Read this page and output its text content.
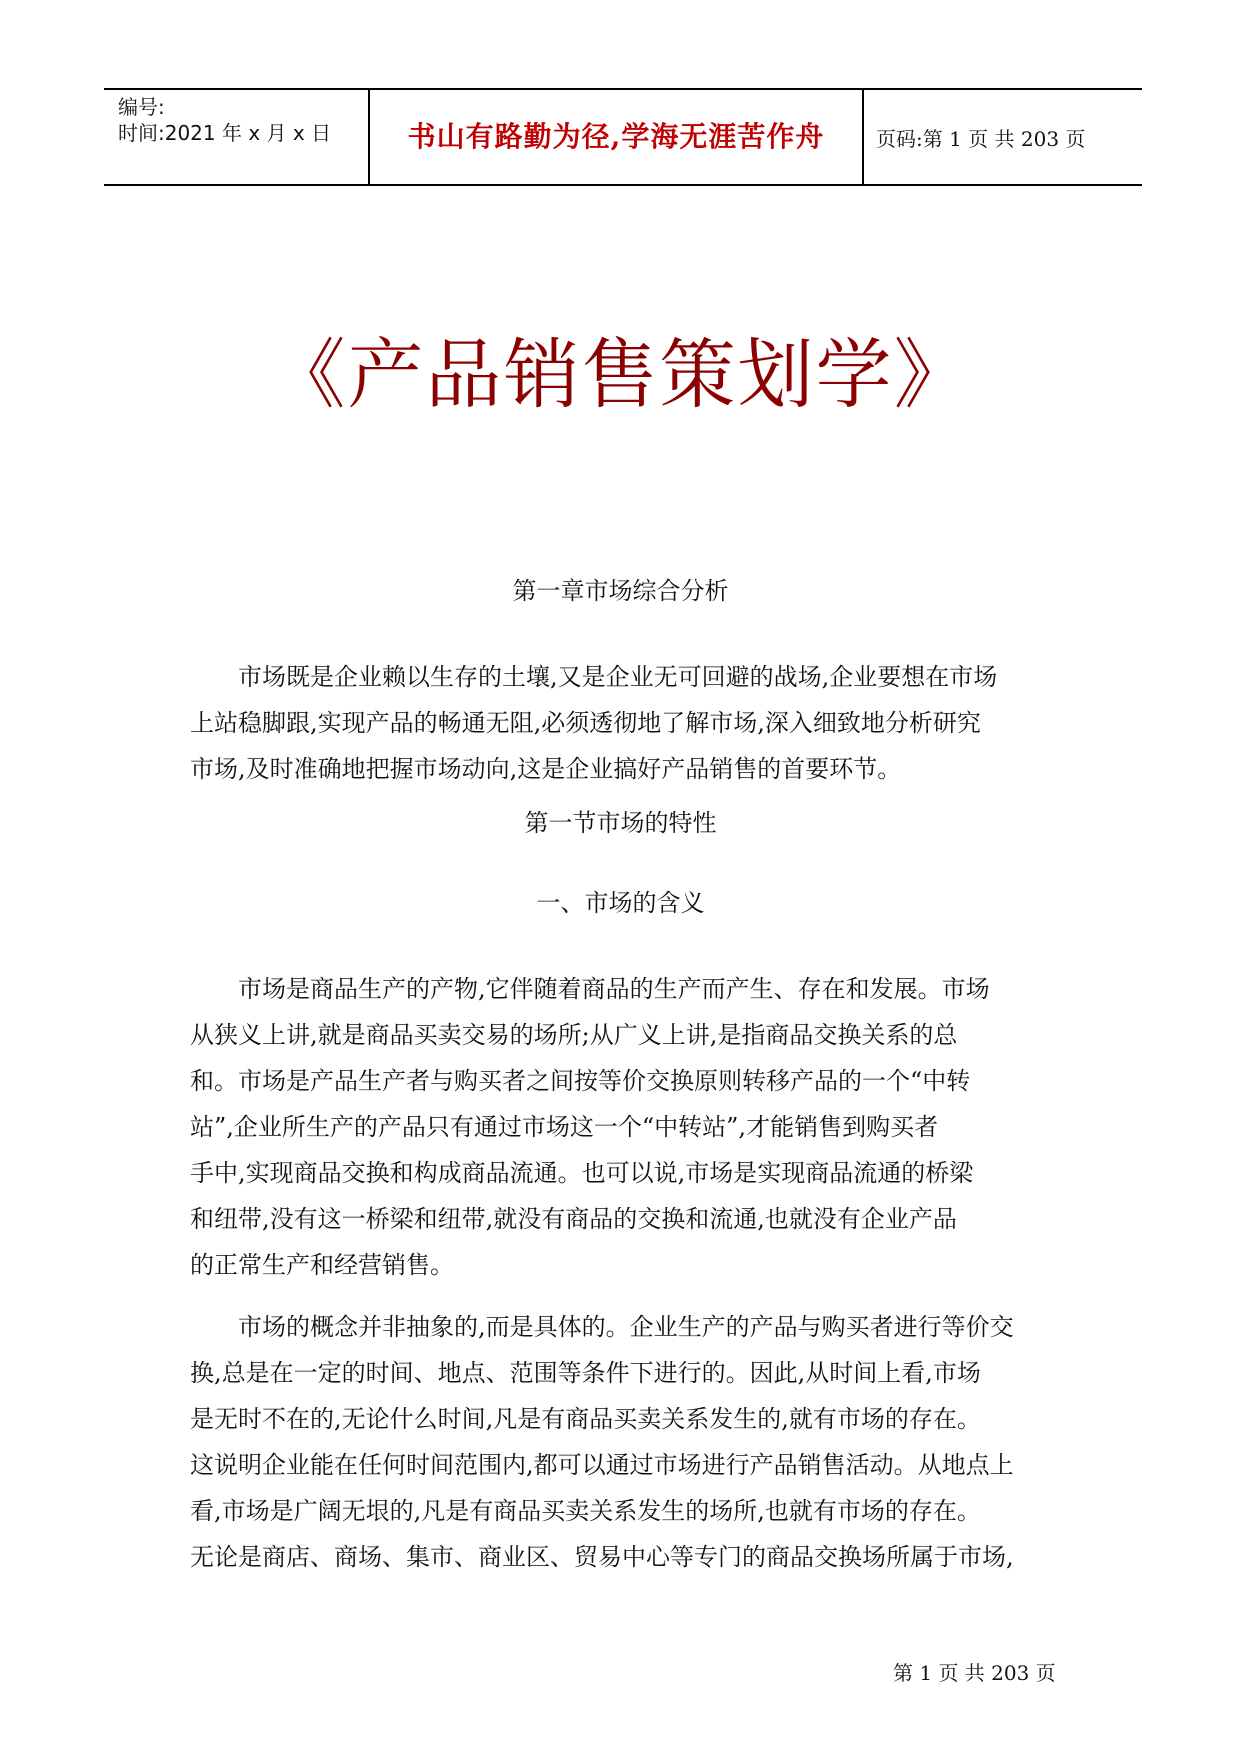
编号:
时间:2021 年 x 月 x 日	书山有路勤为径,学海无涯苦作舟	页码:第 1 页 共 203 页
《产品销售策划学》
第一章市场综合分析
市场既是企业赖以生存的土壤,又是企业无可回避的战场,企业要想在市场
上站稳脚跟,实现产品的畅通无阻,必须透彻地了解市场,深入细致地分析研究
市场,及时准确地把握市场动向,这是企业搞好产品销售的首要环节。
第一节市场的特性
一、市场的含义
市场是商品生产的产物,它伴随着商品的生产而产生、存在和发展。市场
从狭义上讲,就是商品买卖交易的场所;从广义上讲,是指商品交换关系的总
和。市场是产品生产者与购买者之间按等价交换原则转移产品的一个“中转
站”,企业所生产的产品只有通过市场这一个“中转站”,才能销售到购买者
手中,实现商品交换和构成商品流通。也可以说,市场是实现商品流通的桥梁
和纽带,没有这一桥梁和纽带,就没有商品的交换和流通,也就没有企业产品
的正常生产和经营销售。
市场的概念并非抽象的,而是具体的。企业生产的产品与购买者进行等价交
换,总是在一定的时间、地点、范围等条件下进行的。因此,从时间上看,市场
是无时不在的,无论什么时间,凡是有商品买卖关系发生的,就有市场的存在。
这说明企业能在任何时间范围内,都可以通过市场进行产品销售活动。从地点上
看,市场是广阔无垠的,凡是有商品买卖关系发生的场所,也就有市场的存在。
无论是商店、商场、集市、商业区、贸易中心等专门的商品交换场所属于市场,
第 1 页 共 203 页
